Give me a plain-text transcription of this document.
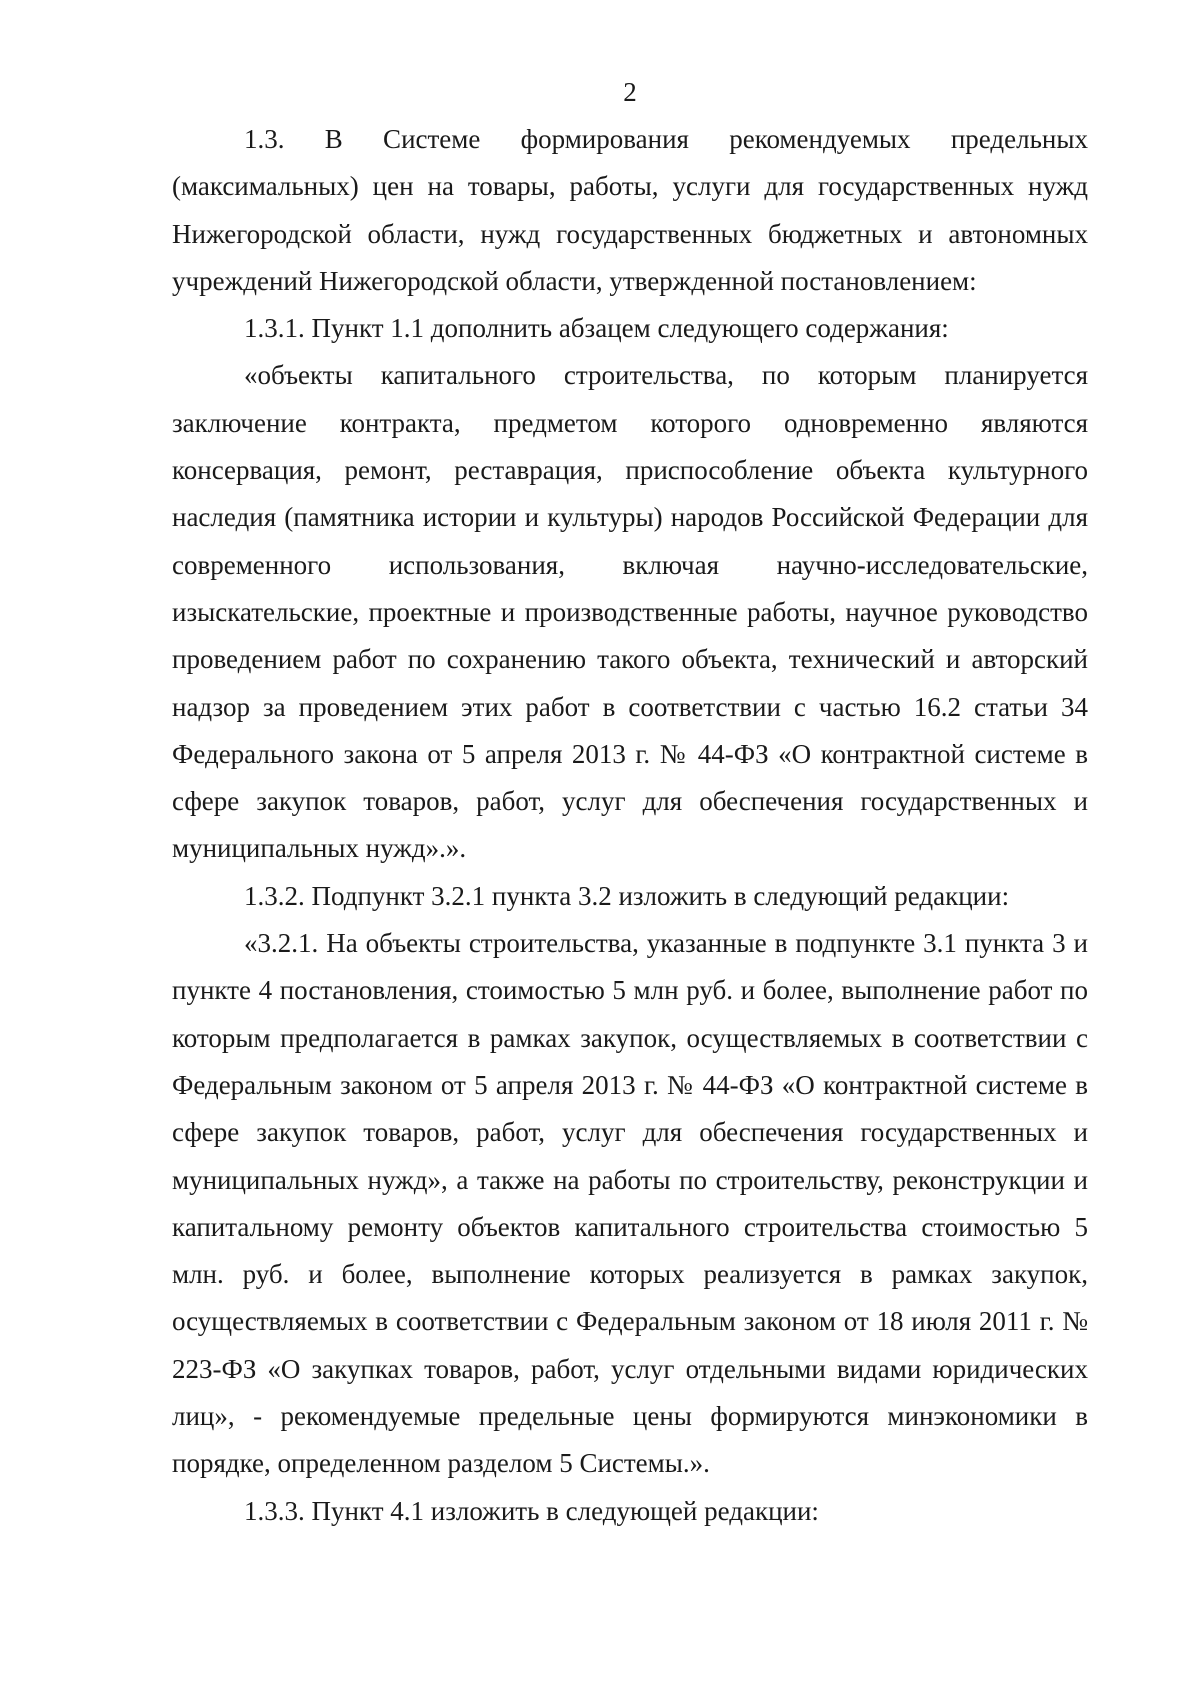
2

1.3. В Системе формирования рекомендуемых предельных (максимальных) цен на товары, работы, услуги для государственных нужд Нижегородской области, нужд государственных бюджетных и автономных учреждений Нижегородской области, утвержденной постановлением:

1.3.1. Пункт 1.1 дополнить абзацем следующего содержания:

«объекты капитального строительства, по которым планируется заключение контракта, предметом которого одновременно являются консервация, ремонт, реставрация, приспособление объекта культурного наследия (памятника истории и культуры) народов Российской Федерации для современного использования, включая научно-исследовательские, изыскательские, проектные и производственные работы, научное руководство проведением работ по сохранению такого объекта, технический и авторский надзор за проведением этих работ в соответствии с частью 16.2 статьи 34 Федерального закона от 5 апреля 2013 г. № 44-ФЗ «О контрактной системе в сфере закупок товаров, работ, услуг для обеспечения государственных и муниципальных нужд».».

1.3.2. Подпункт 3.2.1 пункта 3.2 изложить в следующий редакции:

«3.2.1. На объекты строительства, указанные в подпункте 3.1 пункта 3 и пункте 4 постановления, стоимостью 5 млн руб. и более, выполнение работ по которым предполагается в рамках закупок, осуществляемых в соответствии с Федеральным законом от 5 апреля 2013 г. № 44-ФЗ «О контрактной системе в сфере закупок товаров, работ, услуг для обеспечения государственных и муниципальных нужд», а также на работы по строительству, реконструкции и капитальному ремонту объектов капитального строительства стоимостью 5 млн. руб. и более, выполнение которых реализуется в рамках закупок, осуществляемых в соответствии с Федеральным законом от 18 июля 2011 г. № 223-ФЗ «О закупках товаров, работ, услуг отдельными видами юридических лиц», - рекомендуемые предельные цены формируются минэкономики в порядке, определенном разделом 5 Системы.».

1.3.3. Пункт 4.1 изложить в следующей редакции:
